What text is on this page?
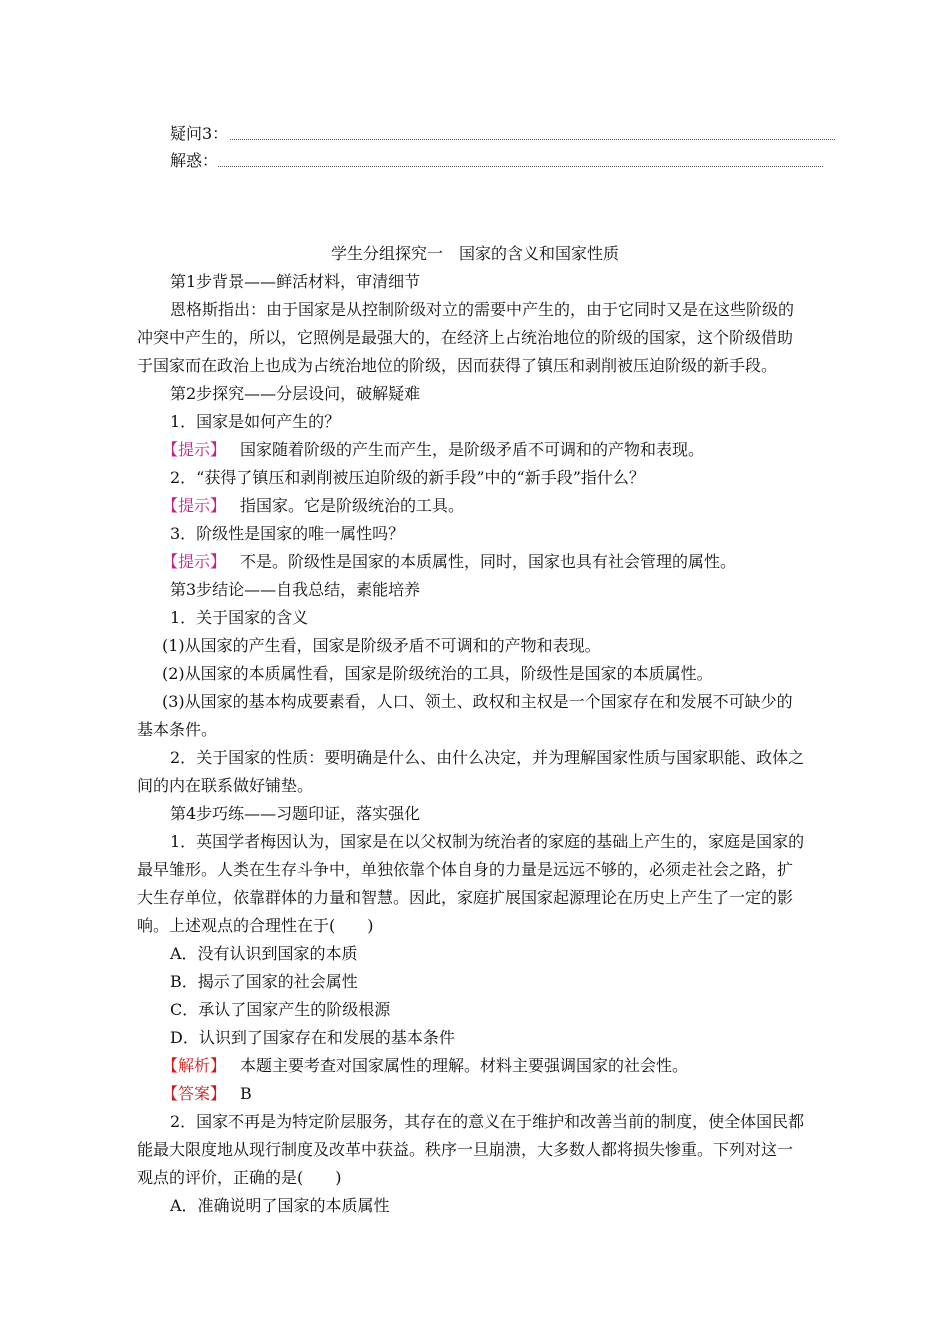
疑问3：
解惑：
学生分组探究一　国家的含义和国家性质
第1步背景——鲜活材料，审清细节
恩格斯指出：由于国家是从控制阶级对立的需要中产生的，由于它同时又是在这些阶级的
冲突中产生的，所以，它照例是最强大的，在经济上占统治地位的阶级的国家，这个阶级借助
于国家而在政治上也成为占统治地位的阶级，因而获得了镇压和剥削被压迫阶级的新手段。
第2步探究——分层设问，破解疑难
1．国家是如何产生的？
【提示】 国家随着阶级的产生而产生，是阶级矛盾不可调和的产物和表现。
2．“获得了镇压和剥削被压迫阶级的新手段”中的“新手段”指什么？
【提示】 指国家。它是阶级统治的工具。
3．阶级性是国家的唯一属性吗？
【提示】 不是。阶级性是国家的本质属性，同时，国家也具有社会管理的属性。
第3步结论——自我总结，素能培养
1．关于国家的含义
(1)从国家的产生看，国家是阶级矛盾不可调和的产物和表现。
(2)从国家的本质属性看，国家是阶级统治的工具，阶级性是国家的本质属性。
(3)从国家的基本构成要素看，人口、领土、政权和主权是一个国家存在和发展不可缺少的
基本条件。
2．关于国家的性质：要明确是什么、由什么决定，并为理解国家性质与国家职能、政体之
间的内在联系做好铺垫。
第4步巧练——习题印证，落实强化
1．英国学者梅因认为，国家是在以父权制为统治者的家庭的基础上产生的，家庭是国家的
最早雏形。人类在生存斗争中，单独依靠个体自身的力量是远远不够的，必须走社会之路，扩
大生存单位，依靠群体的力量和智慧。因此，家庭扩展国家起源理论在历史上产生了一定的影
响。上述观点的合理性在于(　　)
A．没有认识到国家的本质
B．揭示了国家的社会属性
C．承认了国家产生的阶级根源
D．认识到了国家存在和发展的基本条件
【解析】 本题主要考查对国家属性的理解。材料主要强调国家的社会性。
【答案】 B
2．国家不再是为特定阶层服务，其存在的意义在于维护和改善当前的制度，使全体国民都
能最大限度地从现行制度及改革中获益。秩序一旦崩溃，大多数人都将损失惨重。下列对这一
观点的评价，正确的是(　　)
A．准确说明了国家的本质属性
